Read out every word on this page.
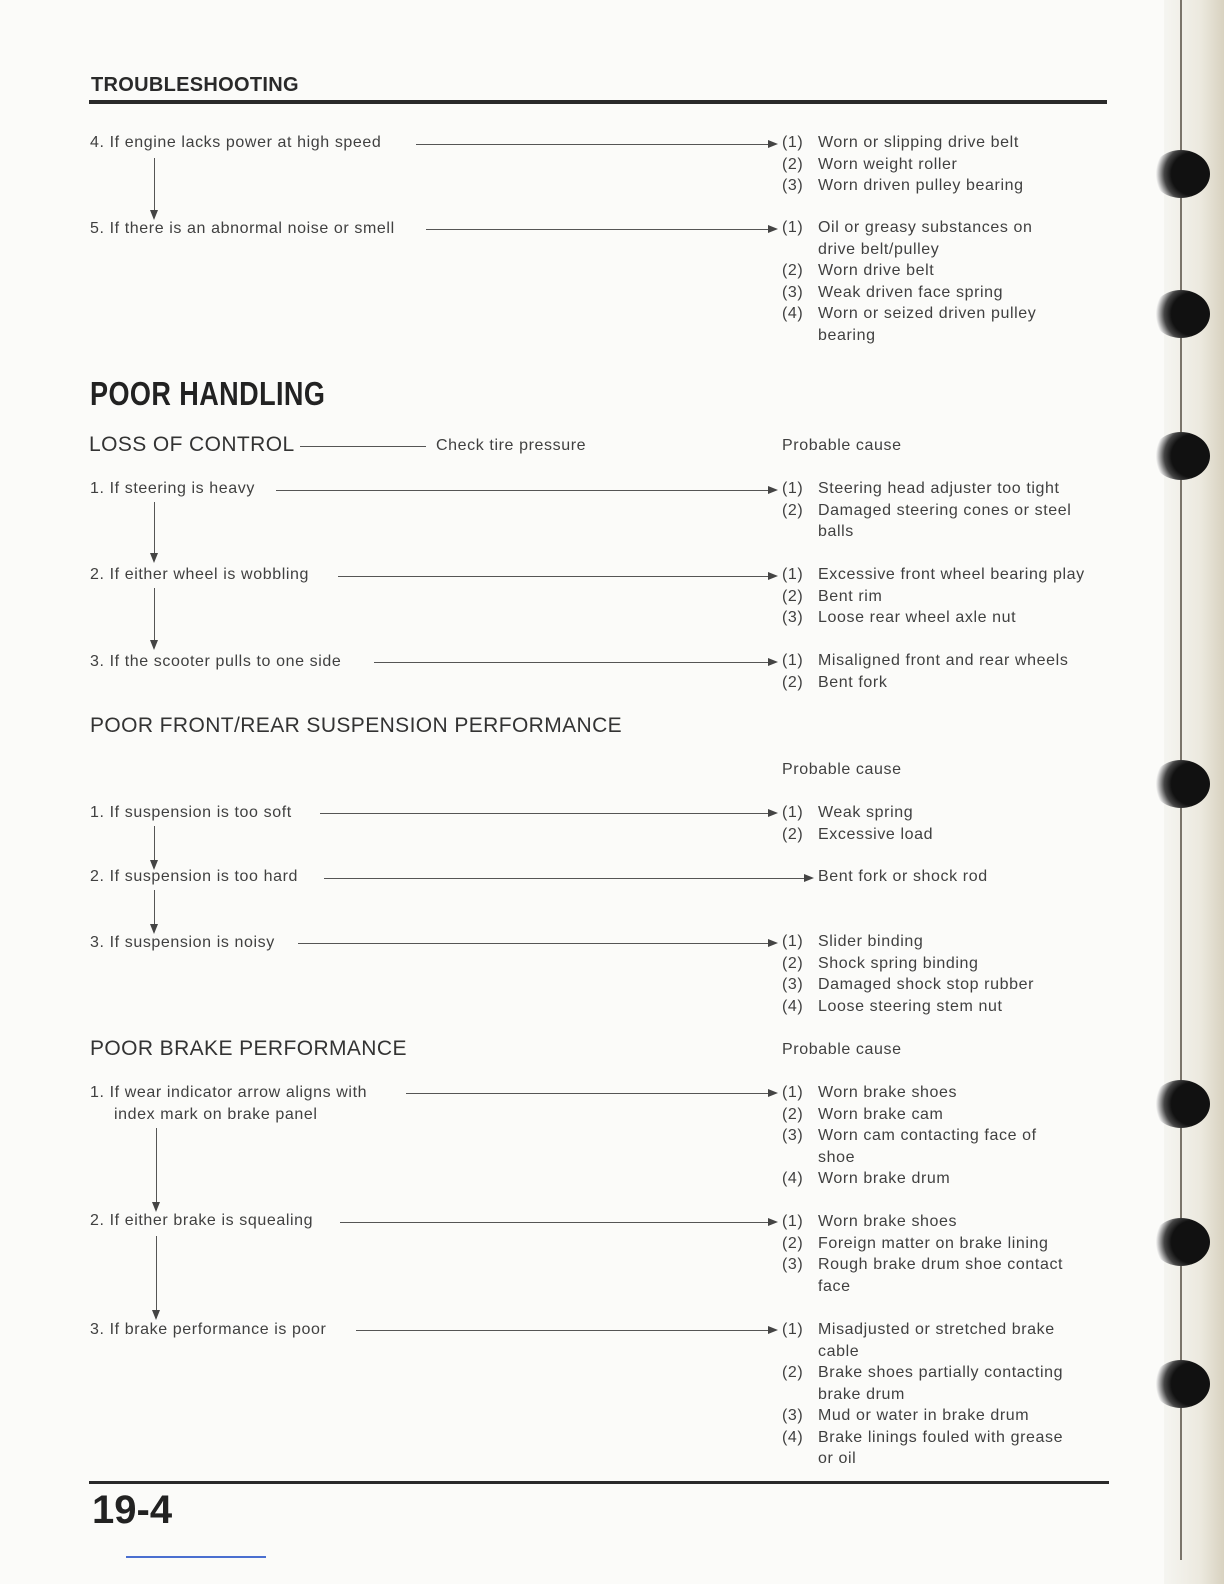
TROUBLESHOOTING
4. If engine lacks power at high speed	(1) Worn or slipping drive belt
(2) Worn weight roller
(3) Worn driven pulley bearing
5. If there is an abnormal noise or smell	(1) Oil or greasy substances on
drive belt/pulley
(2) Worn drive belt
(3) Weak driven face spring
(4) Worn or seized driven pulley
bearing
POOR HANDLING
LOSS OF CONTROL	Check tire pressure	Probable cause
1. If steering is heavy	(1) Steering head adjuster too tight
(2) Damaged steering cones or steel
balls
2. If either wheel is wobbling	(1) Excessive front wheel bearing play
(2) Bent rim
(3) Loose rear wheel axle nut
3. If the scooter pulls to one side	(1) Misaligned front and rear wheels
(2) Bent fork
POOR FRONT/REAR SUSPENSION PERFORMANCE
Probable cause
1. If suspension is too soft	(1) Weak spring
(2) Excessive load
2. If suspension is too hard	Bent fork or shock rod
3. If suspension is noisy	(1) Slider binding
(2) Shock spring binding
(3) Damaged shock stop rubber
(4) Loose steering stem nut
POOR BRAKE PERFORMANCE	Probable cause
1. If wear indicator arrow aligns with
index mark on brake panel
(1) Worn brake shoes
(2) Worn brake cam
(3) Worn cam contacting face of
shoe
(4) Worn brake drum
2. If either brake is squealing	(1) Worn brake shoes
(2) Foreign matter on brake lining
(3) Rough brake drum shoe contact
face
3. If brake performance is poor	(1) Misadjusted or stretched brake
cable
(2) Brake shoes partially contacting
brake drum
(3) Mud or water in brake drum
(4) Brake linings fouled with grease
or oil
19-4
